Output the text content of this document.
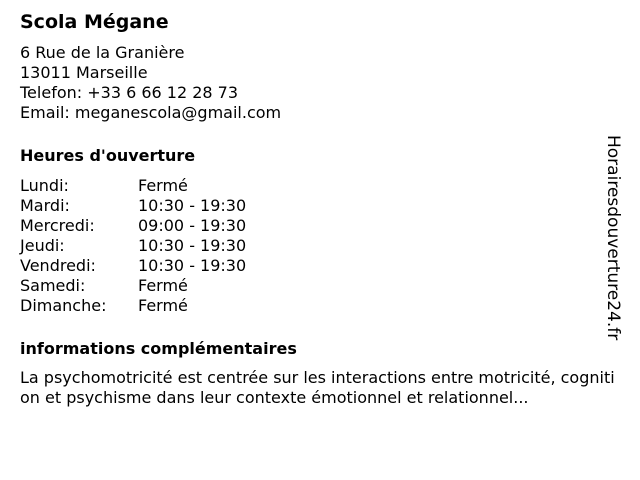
Scola Mégane
6 Rue de la Granière
13011 Marseille
Telefon: +33 6 66 12 28 73
Email: meganescola@gmail.com
Heures d'ouverture
Lundi:	Fermé
Mardi:	10:30 - 19:30
Mercredi:	09:00 - 19:30
Jeudi:	10:30 - 19:30
Vendredi:	10:30 - 19:30
Samedi:	Fermé
Dimanche:	Fermé
informations complémentaires

La psychomotricité est centrée sur les interactions entre motricité, cognition et psychisme dans leur contexte émotionnel et relationnel...

Horairesdouverture24.fr
